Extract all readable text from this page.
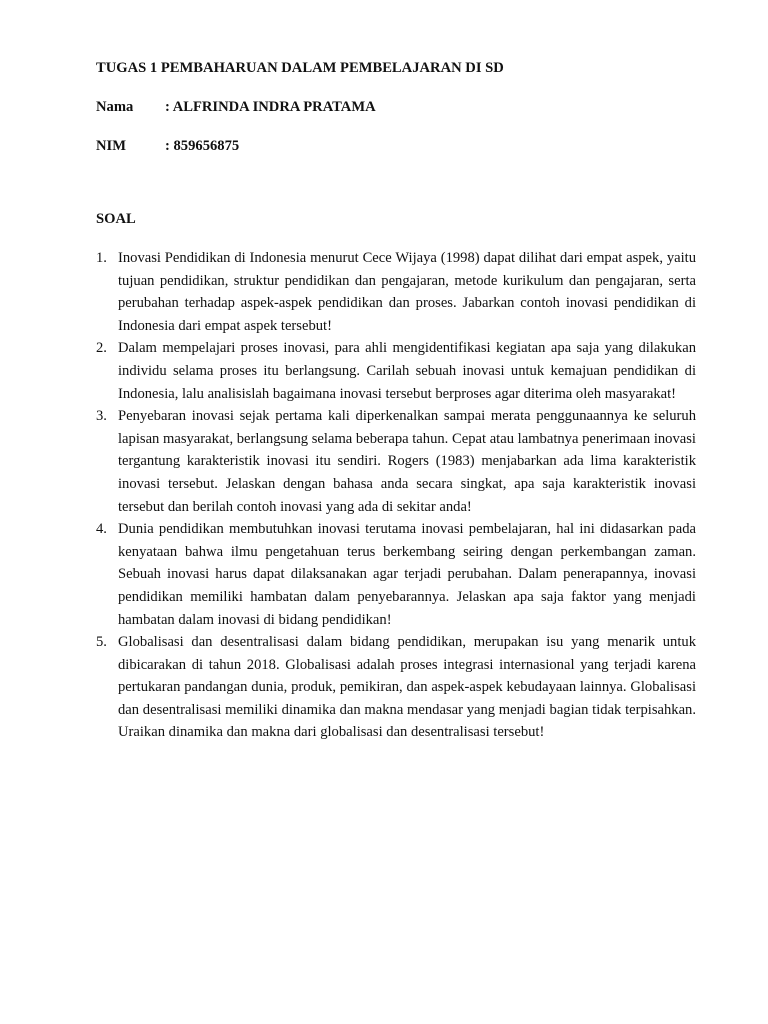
TUGAS 1 PEMBAHARUAN DALAM PEMBELAJARAN DI SD
Nama : ALFRINDA INDRA PRATAMA
NIM	: 859656875
SOAL
1. Inovasi Pendidikan di Indonesia menurut Cece Wijaya (1998) dapat dilihat dari empat aspek, yaitu tujuan pendidikan, struktur pendidikan dan pengajaran, metode kurikulum dan pengajaran, serta perubahan terhadap aspek-aspek pendidikan dan proses. Jabarkan contoh inovasi pendidikan di Indonesia dari empat aspek tersebut!
2. Dalam mempelajari proses inovasi, para ahli mengidentifikasi kegiatan apa saja yang dilakukan individu selama proses itu berlangsung. Carilah sebuah inovasi untuk kemajuan pendidikan di Indonesia, lalu analisislah bagaimana inovasi tersebut berproses agar diterima oleh masyarakat!
3. Penyebaran inovasi sejak pertama kali diperkenalkan sampai merata penggunaannya ke seluruh lapisan masyarakat, berlangsung selama beberapa tahun. Cepat atau lambatnya penerimaan inovasi tergantung karakteristik inovasi itu sendiri. Rogers (1983) menjabarkan ada lima karakteristik inovasi tersebut. Jelaskan dengan bahasa anda secara singkat, apa saja karakteristik inovasi tersebut dan berilah contoh inovasi yang ada di sekitar anda!
4. Dunia pendidikan membutuhkan inovasi terutama inovasi pembelajaran, hal ini didasarkan pada kenyataan bahwa ilmu pengetahuan terus berkembang seiring dengan perkembangan zaman. Sebuah inovasi harus dapat dilaksanakan agar terjadi perubahan. Dalam penerapannya, inovasi pendidikan memiliki hambatan dalam penyebarannya. Jelaskan apa saja faktor yang menjadi hambatan dalam inovasi di bidang pendidikan!
5. Globalisasi dan desentralisasi dalam bidang pendidikan, merupakan isu yang menarik untuk dibicarakan di tahun 2018. Globalisasi adalah proses integrasi internasional yang terjadi karena pertukaran pandangan dunia, produk, pemikiran, dan aspek-aspek kebudayaan lainnya. Globalisasi dan desentralisasi memiliki dinamika dan makna mendasar yang menjadi bagian tidak terpisahkan. Uraikan dinamika dan makna dari globalisasi dan desentralisasi tersebut!
